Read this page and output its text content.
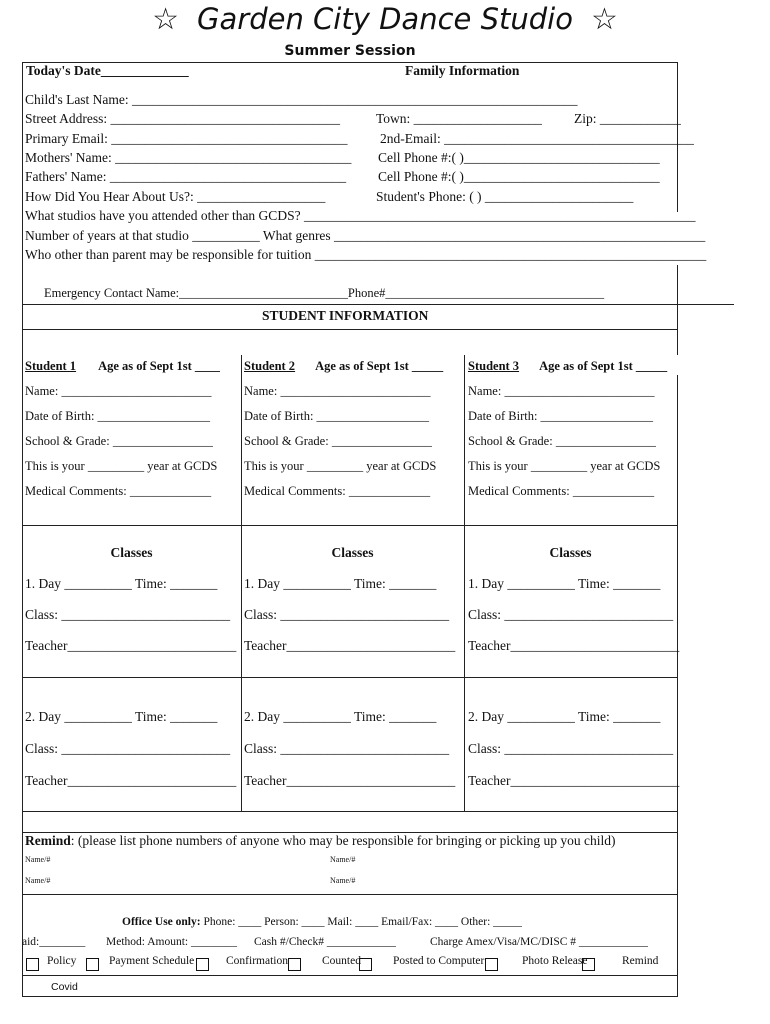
☆ Garden City Dance Studio ☆
Summer Session
Today's Date_____________	Family Information
Child's Last Name: __________________________________________________________________
Street Address: __________________________________	Town: ___________________ Zip: ____________
Primary Email: ___________________________________ 2nd-Email: _____________________________________
Mothers' Name: ___________________________________ Cell Phone #:( )_____________________________
Fathers' Name: ___________________________________ Cell Phone #:( )_____________________________
How Did You Hear About Us?: ___________________	Student's Phone: ( ) ______________________
What studios have you attended other than GCDS? __________________________________________________________
Number of years at that studio __________ What genres _______________________________________________________
Who other than parent may be responsible for tuition __________________________________________________________
Emergency Contact Name:___________________________Phone#___________________________________
STUDENT INFORMATION
Student 1 Age as of Sept 1st ____
Name: ________________________
Date of Birth: __________________
School & Grade: ________________
This is your _________ year at GCDS
Medical Comments: _____________
Classes
1. Day __________ Time: _______
Class: _________________________
Teacher_________________________
2. Day __________ Time: _______
Class: _________________________
Teacher_________________________
Student 2 Age as of Sept 1st _____
Name: ________________________
Date of Birth: __________________
School & Grade: ________________
This is your _________ year at GCDS
Medical Comments: _____________
Classes
1. Day __________ Time: _______
Class: _________________________
Teacher_________________________
2. Day __________ Time: _______
Class: _________________________
Teacher_________________________
Student 3 Age as of Sept 1st _____
Name: ________________________
Date of Birth: __________________
School & Grade: ________________
This is your _________ year at GCDS
Medical Comments: _____________
Classes
1. Day __________ Time: _______
Class: _________________________
Teacher_________________________
2. Day __________ Time: _______
Class: _________________________
Teacher_________________________
Remind: (please list phone numbers of anyone who may be responsible for bringing or picking up you child)
Name/#	Name/#
Name/#	Name/#
Office Use only: Phone: ____ Person: ____ Mail: ____ Email/Fax: ____ Other: _____
aid:________ Method: Amount: ________ Cash #/Check# ____________	Charge Amex/Visa/MC/DISC # ____________
Policy	Payment Schedule	Confirmation	Counted	Posted to Computer	Photo Release	Remind
Covid
